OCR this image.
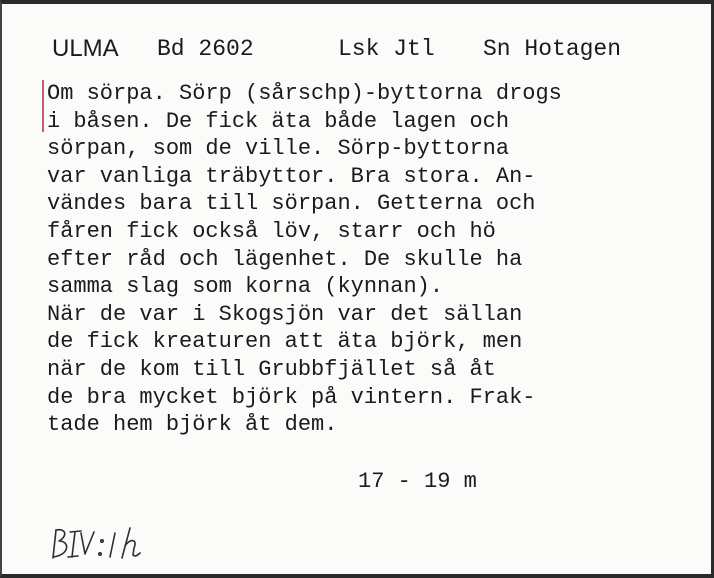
ULMA Bd 2602	Lsk Jtl Sn Hotagen
Om sörpa. Sörp (sårschp)-byttorna drogs
i båsen. De fick äta både lagen och
sörpan, som de ville. Sörp-byttorna
var vanliga träbyttor. Bra stora. An-
vändes bara till sörpan. Getterna och
fåren fick också löv, starr och hö
efter råd och lägenhet. De skulle ha
samma slag som korna (kynnan).
När de var i Skogsjön var det sällan
de fick kreaturen att äta björk, men
när de kom till Grubbfjället så åt
de bra mycket björk på vintern. Frak-
tade hem björk åt dem.
17 - 19 m
